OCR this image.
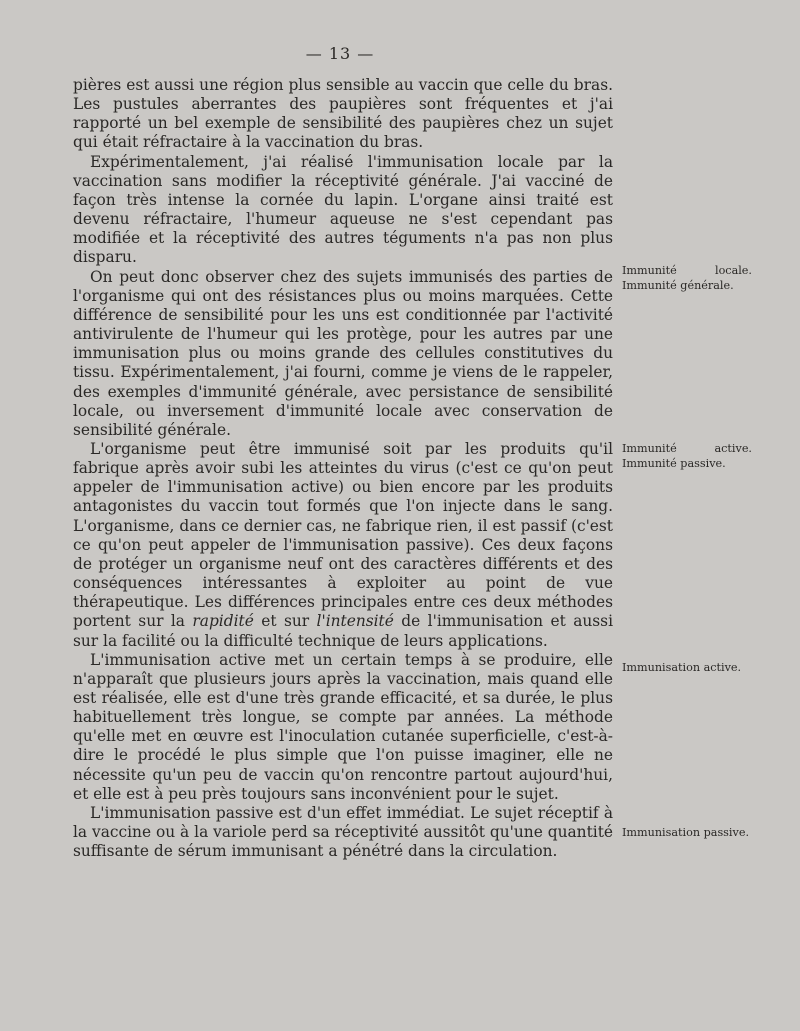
— 13 —

pières est aussi une région plus sensible au vaccin que celle du bras. Les pustules aberrantes des paupières sont fréquentes et j'ai rapporté un bel exemple de sensibilité des paupières chez un sujet qui était réfractaire à la vaccination du bras.

Expérimentalement, j'ai réalisé l'immunisation locale par la vaccination sans modifier la réceptivité générale. J'ai vacciné de façon très intense la cornée du lapin. L'organe ainsi traité est devenu réfractaire, l'humeur aqueuse ne s'est cependant pas modifiée et la réceptivité des autres téguments n'a pas non plus disparu.

On peut donc observer chez des sujets immunisés des parties de l'organisme qui ont des résistances plus ou moins marquées. Cette différence de sensibilité pour les uns est conditionnée par l'activité antivirulente de l'humeur qui les protège, pour les autres par une immunisation plus ou moins grande des cellules constitutives du tissu. Expérimentalement, j'ai fourni, comme je viens de le rappeler, des exemples d'immunité générale, avec persistance de sensibilité locale, ou inversement d'immunité locale avec conservation de sensibilité générale.

L'organisme peut être immunisé soit par les produits qu'il fabrique après avoir subi les atteintes du virus (c'est ce qu'on peut appeler de l'immunisation active) ou bien encore par les produits antagonistes du vaccin tout formés que l'on injecte dans le sang. L'organisme, dans ce dernier cas, ne fabrique rien, il est passif (c'est ce qu'on peut appeler de l'immunisation passive). Ces deux façons de protéger un organisme neuf ont des caractères différents et des conséquences intéressantes à exploiter au point de vue thérapeutique. Les différences principales entre ces deux méthodes portent sur la rapidité et sur l'intensité de l'immunisation et aussi sur la facilité ou la difficulté technique de leurs applications.

L'immunisation active met un certain temps à se produire, elle n'apparaît que plusieurs jours après la vaccination, mais quand elle est réalisée, elle est d'une très grande efficacité, et sa durée, le plus habituellement très longue, se compte par années. La méthode qu'elle met en œuvre est l'inoculation cutanée superficielle, c'est-à-dire le procédé le plus simple que l'on puisse imaginer, elle ne nécessite qu'un peu de vaccin qu'on rencontre partout aujourd'hui, et elle est à peu près toujours sans inconvénient pour le sujet.

L'immunisation passive est d'un effet immédiat. Le sujet réceptif à la vaccine ou à la variole perd sa réceptivité aussitôt qu'une quantité suffisante de sérum immunisant a pénétré dans la circulation.

Immunité locale. Immunité générale.
Immunité active. Immunité passive.
Immunisation active.
Immunisation passive.
